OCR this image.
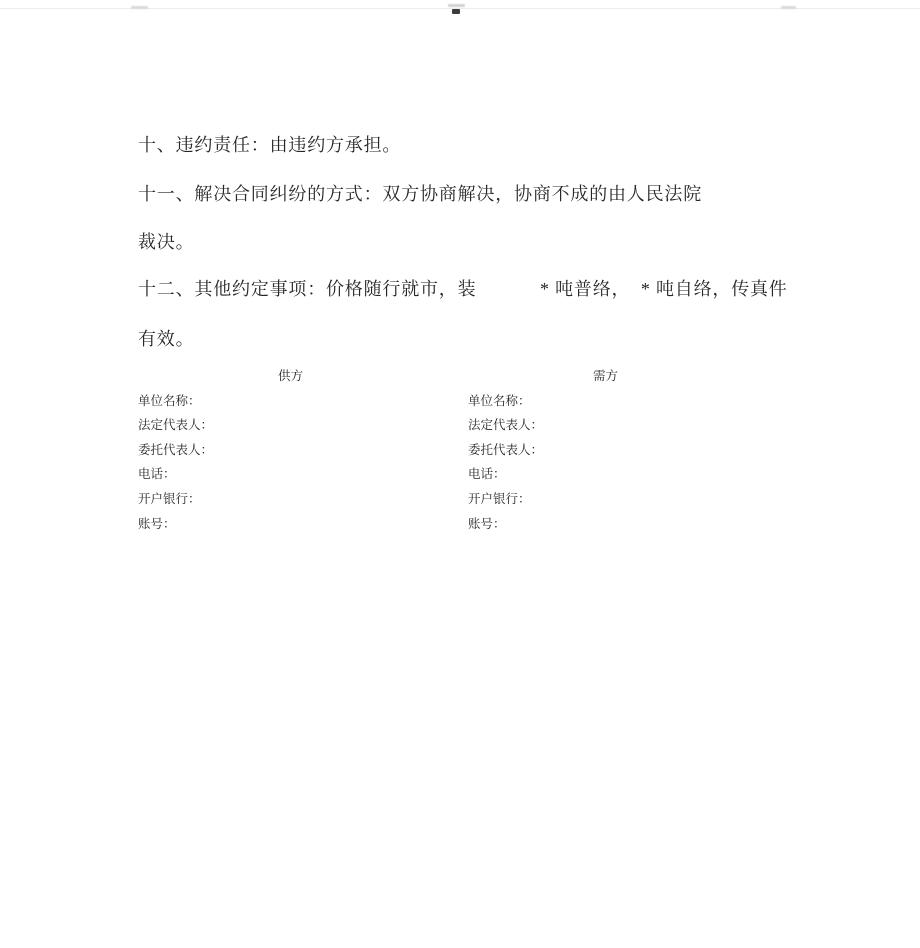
十、违约责任：由违约方承担。
十一、解决合同纠纷的方式：双方协商解决，协商不成的由人民法院
裁决。
十二、其他约定事项：价格随行就市，装            * 吨普络，  * 吨自络，传真件
有效。
供方
单位名称：
法定代表人：
委托代表人：
电话：
开户银行：
账号：
需方
单位名称：
法定代表人：
委托代表人：
电话：
开户银行：
账号：
